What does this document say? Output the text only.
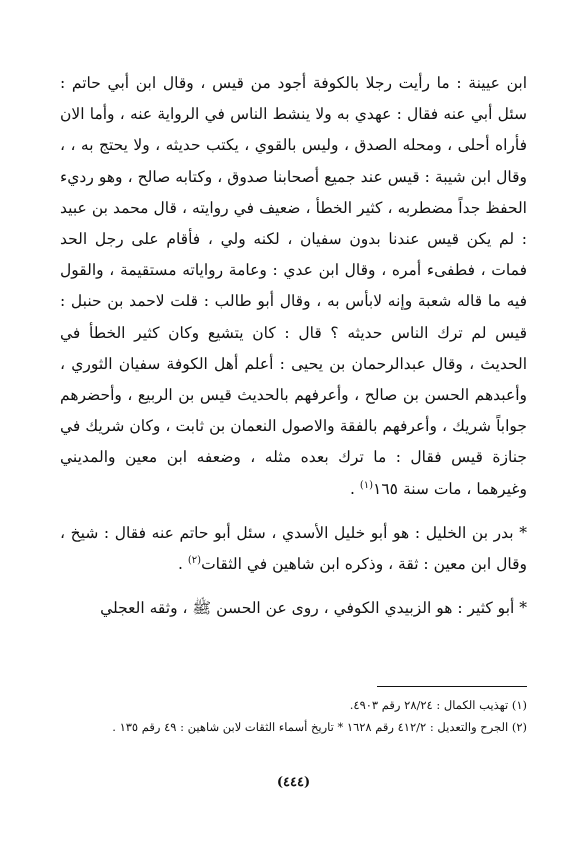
ابن عيينة : ما رأيت رجلا بالكوفة أجود من قيس ، وقال ابن أبي حاتم : سئل أبي عنه فقال : عهدي به ولا ينشط الناس في الرواية عنه ، وأما الان فأراه أحلى ، ومحله الصدق ، وليس بالقوي ، يكتب حديثه ، ولا يحتج به ، ، وقال ابن شيبة : قيس عند جميع أصحابنا صدوق ، وكتابه صالح ، وهو رديء الحفظ جداً مضطربه ، كثير الخطأ ، ضعيف في روايته ، قال محمد بن عبيد : لم يكن قيس عندنا بدون سفيان ، لكنه ولي ، فأقام على رجل الحد فمات ، فطفىء أمره ، وقال ابن عدي : وعامة رواياته مستقيمة ، والقول فيه ما قاله شعبة وإنه لابأس به ، وقال أبو طالب : قلت لاحمد بن حنبل : قيس لم ترك الناس حديثه ؟ قال : كان يتشيع وكان كثير الخطأ في الحديث ، وقال عبدالرحمان بن يحيى : أعلم أهل الكوفة سفيان الثوري ، وأعبدهم الحسن بن صالح ، وأعرفهم بالحديث قيس بن الربيع ، وأحضرهم جواباً شريك ، وأعرفهم بالفقة والاصول النعمان بن ثابت ، وكان شريك في جنازة قيس فقال : ما ترك بعده مثله ، وضعفه ابن معين والمديني وغيرهما ، مات سنة ١٦٥$^{(١)}$ .

* بدر بن الخليل : هو أبو خليل الأسدي ، سئل أبو حاتم عنه فقال : شيخ ، وقال ابن معين : ثقة ، وذكره ابن شاهين في الثقات$^{(٢)}$ .

* أبو كثير : هو الزبيدي الكوفي ، روى عن الحسن ﷺ ، وثقه العجلي

(١) تهذيب الكمال : ٢٨/٢٤ رقم ٤٩٠٣.

(٢) الجرح والتعديل : ٤١٢/٢ رقم ١٦٢٨ * تاريخ أسماء الثقات لابن شاهين : ٤٩ رقم ١٣٥ .

(٤٤٤)
